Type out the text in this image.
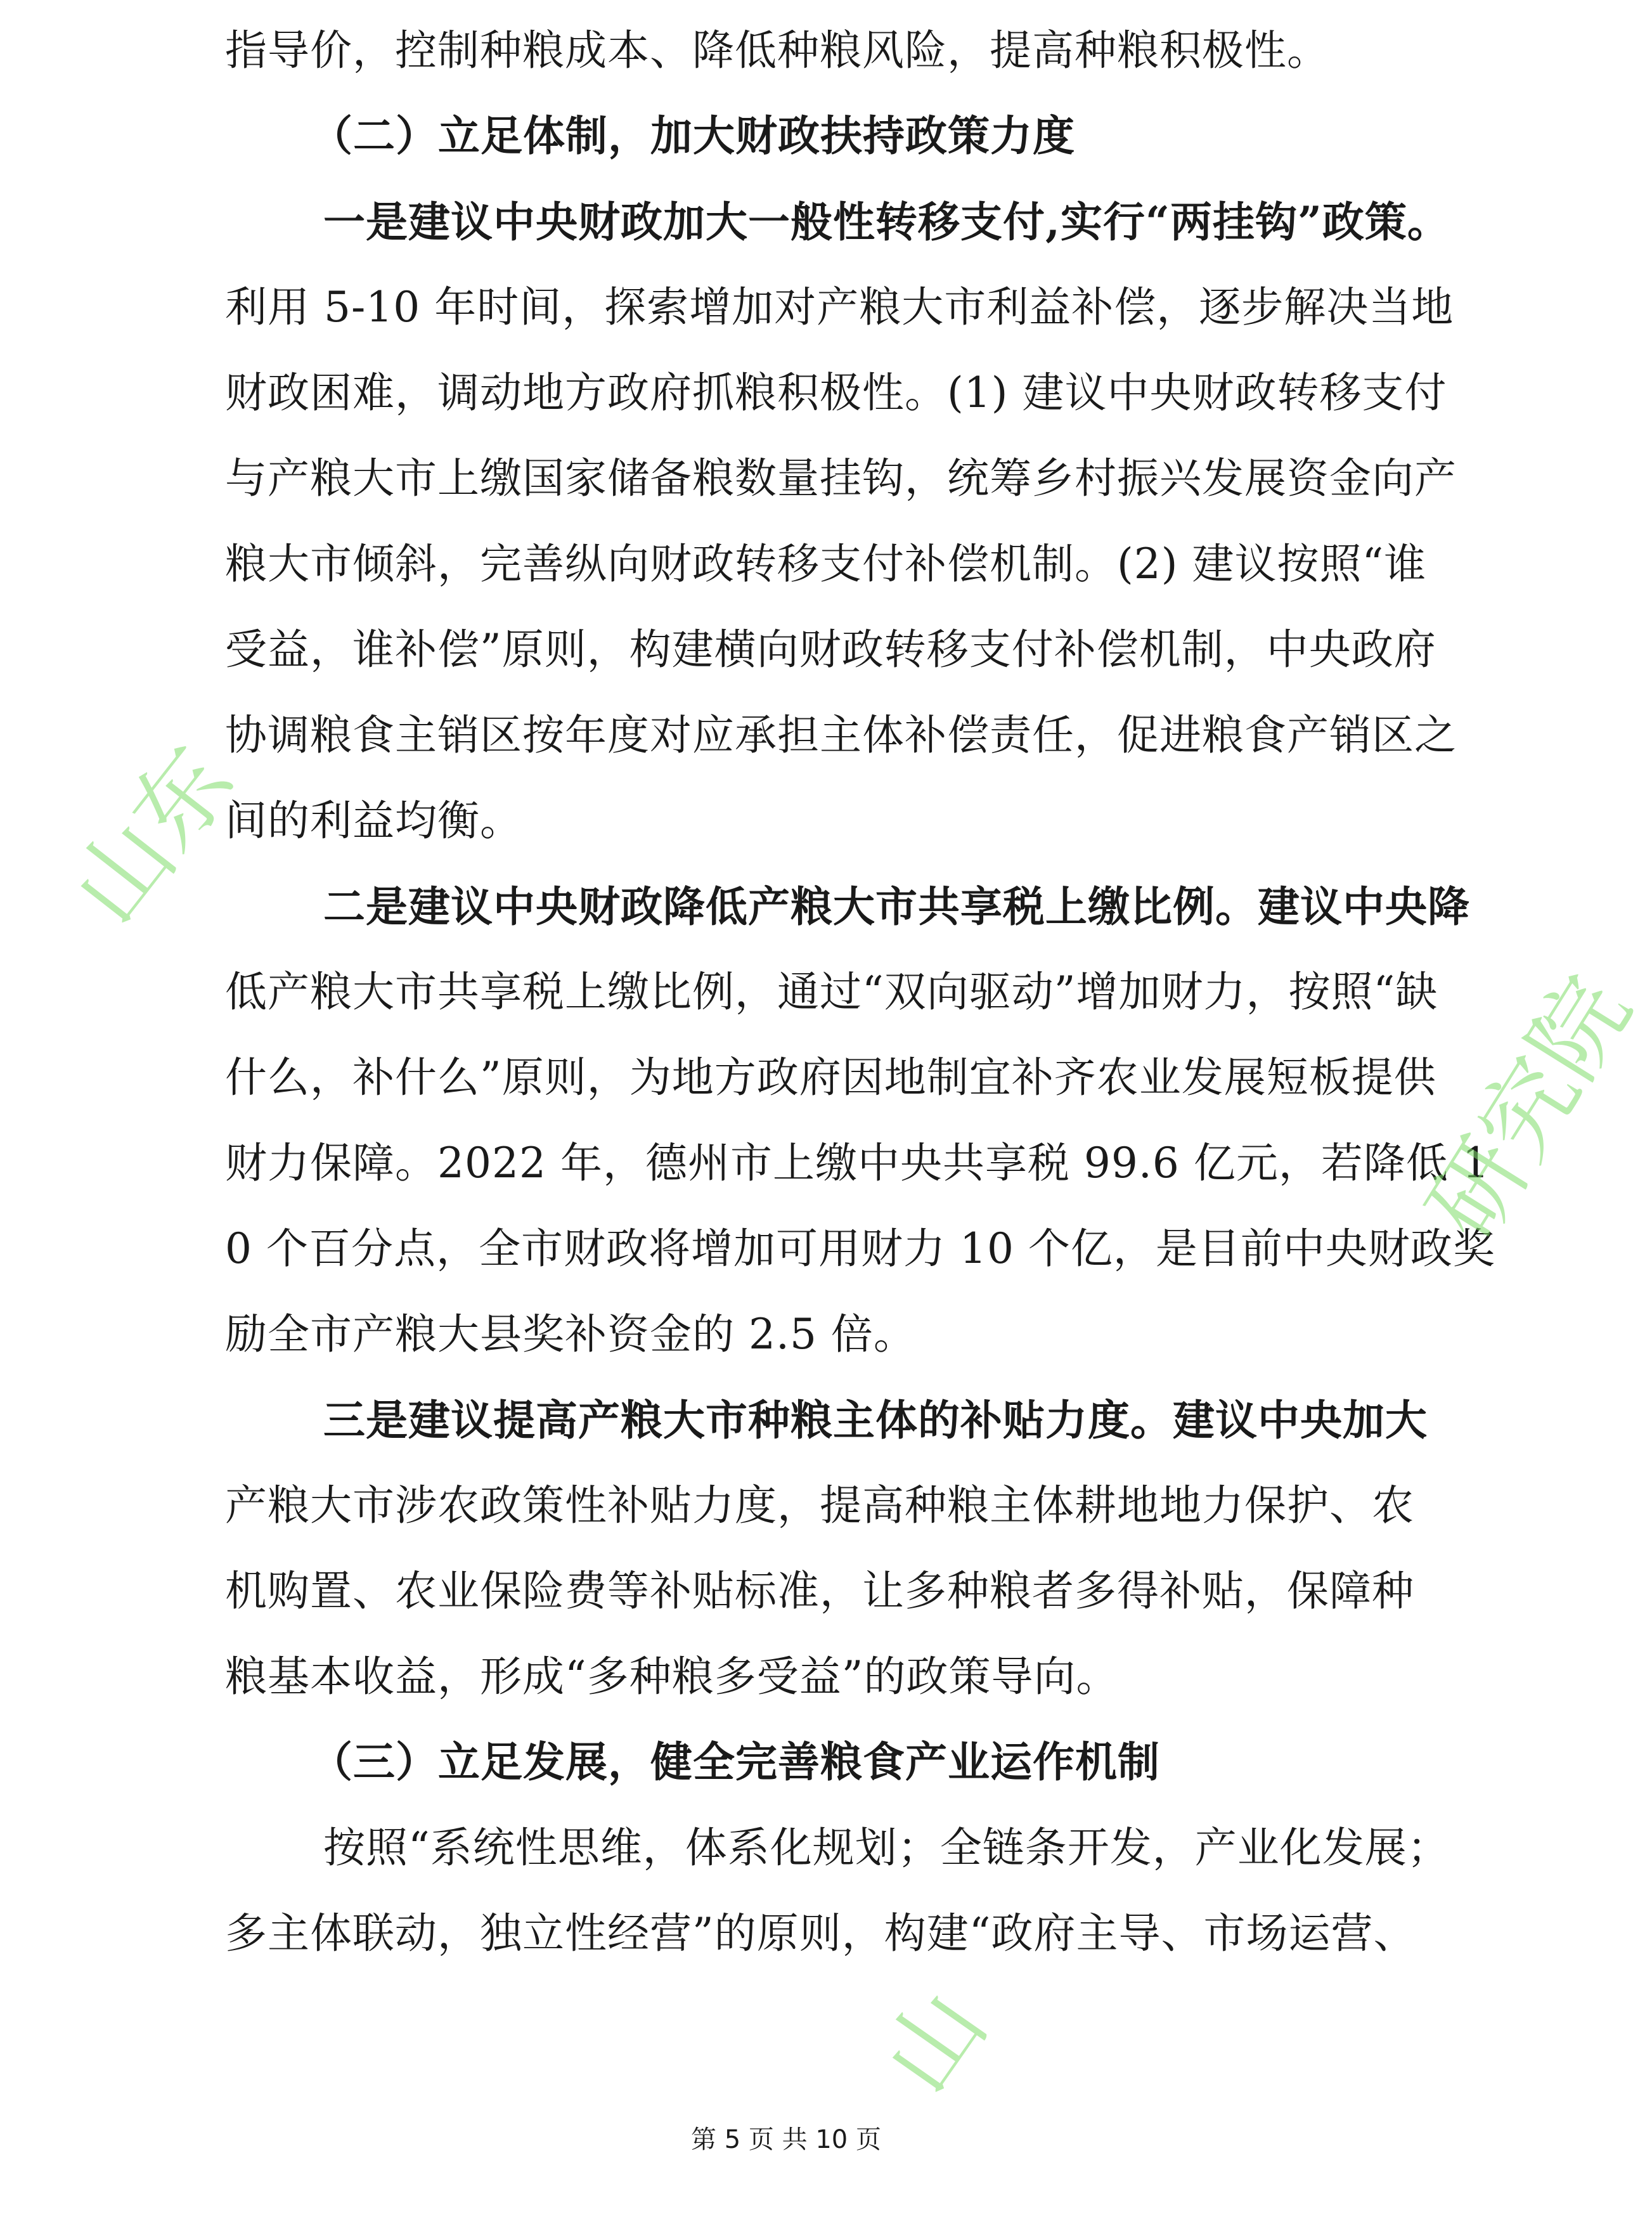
指导价，控制种粮成本、降低种粮风险，提高种粮积极性。
（二）立足体制，加大财政扶持政策力度
一是建议中央财政加大一般性转移支付,实行“两挂钩”政策。
利用 5-10 年时间，探索增加对产粮大市利益补偿，逐步解决当地
财政困难，调动地方政府抓粮积极性。(1) 建议中央财政转移支付
与产粮大市上缴国家储备粮数量挂钩，统筹乡村振兴发展资金向产
粮大市倾斜，完善纵向财政转移支付补偿机制。(2) 建议按照“谁
受益，谁补偿”原则，构建横向财政转移支付补偿机制，中央政府
协调粮食主销区按年度对应承担主体补偿责任，促进粮食产销区之
间的利益均衡。
二是建议中央财政降低产粮大市共享税上缴比例。建议中央降
低产粮大市共享税上缴比例，通过“双向驱动”增加财力，按照“缺
什么，补什么”原则，为地方政府因地制宜补齐农业发展短板提供
财力保障。2022 年，德州市上缴中央共享税 99.6 亿元，若降低 1
0 个百分点，全市财政将增加可用财力 10 个亿，是目前中央财政奖
励全市产粮大县奖补资金的 2.5 倍。
三是建议提高产粮大市种粮主体的补贴力度。建议中央加大
产粮大市涉农政策性补贴力度，提高种粮主体耕地地力保护、农
机购置、农业保险费等补贴标准，让多种粮者多得补贴，保障种
粮基本收益，形成“多种粮多受益”的政策导向。
（三）立足发展，健全完善粮食产业运作机制
按照“系统性思维，体系化规划；全链条开发，产业化发展；
多主体联动，独立性经营”的原则，构建“政府主导、市场运营、
山东
研究院
山
第 5 页 共 10 页
